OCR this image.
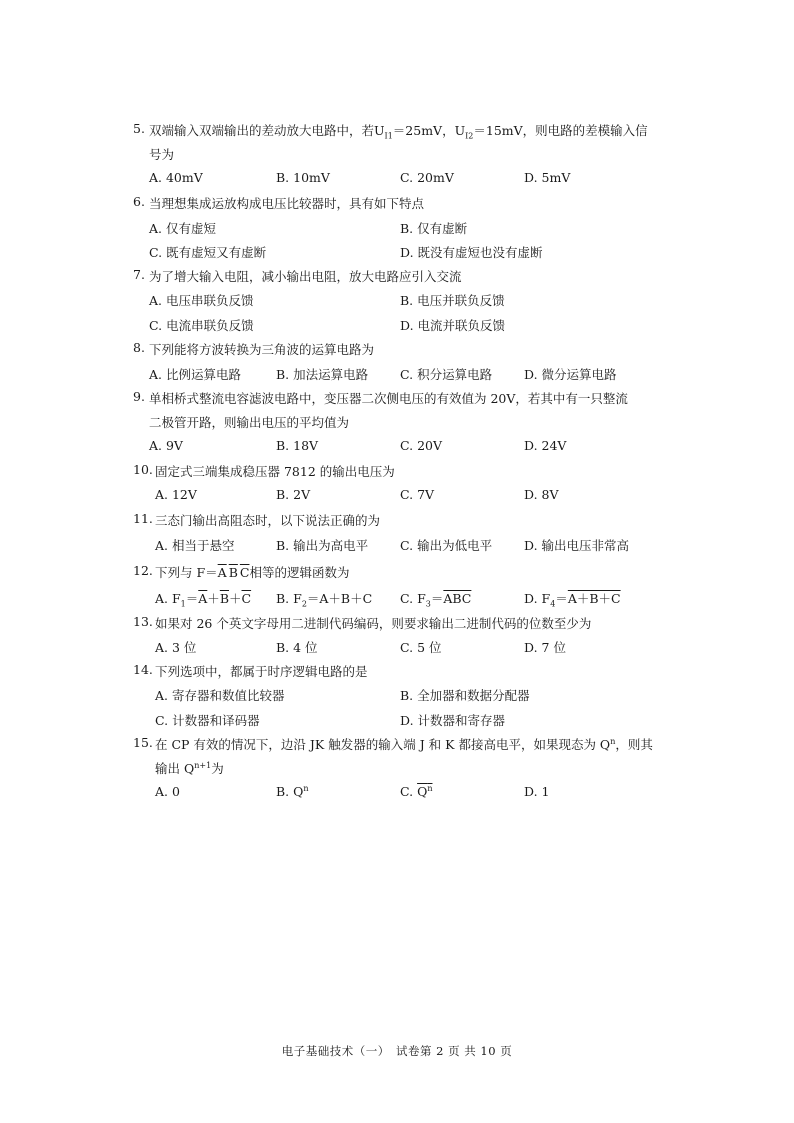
5. 双端输入双端输出的差动放大电路中，若$U_{I1}=25mV$，$U_{I2}=15mV$，则电路的差模输入信
号为
A. 40mV	B. 10mV	C. 20mV	D. 5mV
6. 当理想集成运放构成电压比较器时，具有如下特点
A. 仅有虚短	B. 仅有虚断
C. 既有虚短又有虚断	D. 既没有虚短也没有虚断
7. 为了增大输入电阻，减小输出电阻，放大电路应引入交流
A. 电压串联负反馈	B. 电压并联负反馈
C. 电流串联负反馈	D. 电流并联负反馈
8. 下列能将方波转换为三角波的运算电路为
A. 比例运算电路	B. 加法运算电路	C. 积分运算电路	D. 微分运算电路
9. 单相桥式整流电容滤波电路中，变压器二次侧电压的有效值为 20V，若其中有一只整流
二极管开路，则输出电压的平均值为
A. 9V	B. 18V	C. 20V	D. 24V
10. 固定式三端集成稳压器 7812 的输出电压为
A. 12V	B. 2V	C. 7V	D. 8V
11. 三态门输出高阻态时，以下说法正确的为
A. 相当于悬空	B. 输出为高电平	C. 输出为低电平	D. 输出电压非常高
12. 下列与 $F=\overline{A}$ $\overline{B}$ $\overline{C}$相等的逻辑函数为
A. $F_1=\overline{A}+\overline{B}+\overline{C}$ B. $F_2=A+B+C$ C. $F_3=\overline{ABC}$	D. $F_4=A+B+C$
13. 如果对 26 个英文字母用二进制代码编码，则要求输出二进制代码的位数至少为
A. 3 位	B. 4 位	C. 5 位	D. 7 位
14. 下列选项中，都属于时序逻辑电路的是
A. 寄存器和数值比较器	B. 全加器和数据分配器
C. 计数器和译码器	D. 计数器和寄存器
15. 在 CP 有效的情况下，边沿 JK 触发器的输入端 J 和 K 都接高电平，如果现态为 $Q^n$，则其
输出 $Q^{n+1}$为
A. 0	B. $Q^n$	C. $Q^n$	D. 1
电子基础技术（一）　试卷第 2 页 共 10 页
